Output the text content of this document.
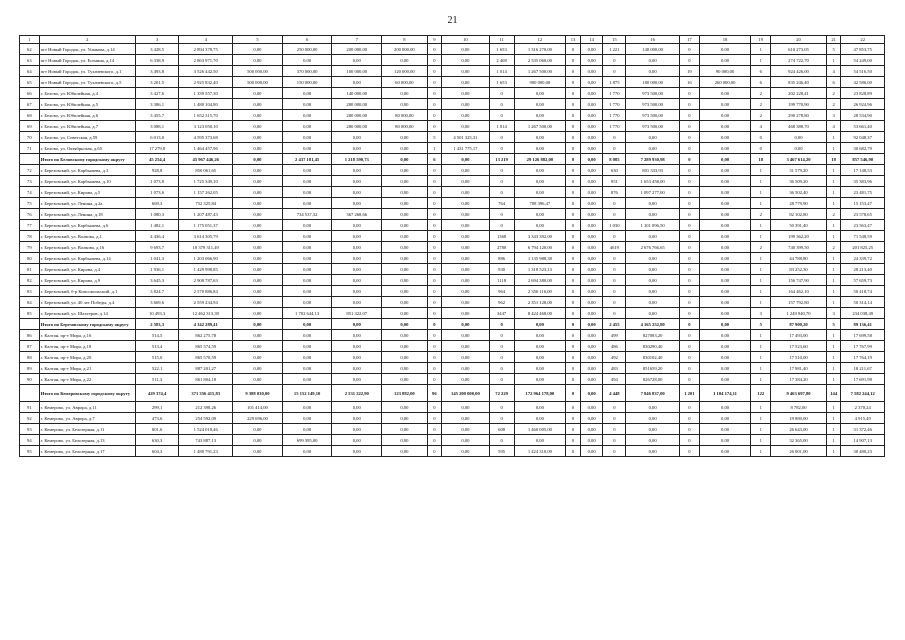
21
1	2	3	4	5	6	7	8	9	10	11	12	13	14	15	16	17	18	19	20	21	22
62	пгт Новый Городок, ул. Ушакова, д.14	3 428,5	2 894 378,75	0,00	250 000,00	200 000,00	200 000,00	0	0,00	1 653	1 316 270,00	0	0,00	1 221	140 000,00	0	0,00	1	610 273,05	5	47 853,75
63	пгт Новый Городок, ул. Есенина, д.14	6 338,9	2 863 971,70	0,00	0,00	0,00	0,00	0	0,00	2 408	2 535 060,00	0	0,00	0	0,00	0	0,00	1	274 722,70	1	54 249,00
64	пгт Новый Городок, ул. Тухачевского, д.1	3 493,8	3 526 442,50	500 000,00	370 000,00	100 000,00	120 000,00	0	0,00	1 014	1 267 500,00	0	0,00	0	0,00	19	90 000,00	6	924 426,00	4	54 516,50
65	пгт Новый Городок, ул. Тухачевского, д.5	3 201,5	2 925 832,40	500 000,00	150 000,00	0,00	60 000,00	0	0,00	1 653	900 000,00	0	0,00	1 875	180 000,00	16	260 000,00	6	835 246,40	6	42 586,00
66	г. Белово, ул. Юбилейная, д.4	3 427,6	1 339 557,30	0,00	0,00	140 000,00	0,00	0	0,00	0	0,00	0	0,00	1 770	973 500,00	0	0,00	2	202 228,41	2	23 828,89
67	г. Белово, ул. Юбилейная, д.5	3 386,1	1 480 104,80	0,00	0,00	280 000,00	0,00	0	0,00	0	0,00	0	0,00	1 770	973 500,00	0	0,00	2	199 770,90	2	26 924,96
68	г. Белово, ул. Юбилейная, д.6	3 455,7	1 652 315,70	0,00	0,00	280 000,00	80 000,00	0	0,00	0	0,00	0	0,00	1 770	973 500,00	0	0,00	2	290 278,80	3	28 534,90
69	г. Белово, ул. Юбилейная, д.7	3 088,1	3 123 050,10	0,00	0,00	280 000,00	80 000,00	0	0,00	1 014	1 267 500,00	0	0,00	1 770	973 500,00	0	0,00	4	468 388,70	4	53 661,40
70	г. Белово, ул. Советская, д.59	6 013,0	4 595 373,68	0,00	0,00	0,00	0,00	5	4 501 325,31	0	0,00	0	0,00	0	0,00	0	0,00	0	0,00	1	92 048,37
71	г. Белово, ул. Октябрьская, д.65	17 279,8	1 464 457,96	0,00	0,00	0,00	0,00	1	1 431 775,17	0	0,00	0	0,00	0	0,00	0	0,00	0	0,00	1	30 682,79
	Итого по Беловскому городскому округу	45 254,4	45 967 446,26	0,00	2 437 181,45	1 218 590,73	0,00	6	0,00	13 219	29 126 882,00	0	0,00	8 085	7 289 930,98	0	0,00	18	3 467 614,20	18	857 546,90
72	г. Березовский, ул. Карбышева, д.3	928,8	850 061,65	0,00	0,00	0,00	0,00	0	0,00	0	0,00	0	0,00	630	801 333,93	0	0,00	1	31 579,20	1	17 148,53
73	г. Березовский, ул. Карбышева, д.10	1 073,8	1 725 349,10	0,00	0,00	0,00	0,00	0	0,00	0	0,00	0	0,00	951	1 653 458,00	0	0,00	1	36 509,20	1	35 383,96
74	г. Березовский, ул. Кирова, д.5	1 073,6	1 157 262,05	0,00	0,00	0,00	0,00	0	0,00	0	0,00	0	0,00	876	1 097 277,00	0	0,00	1	36 502,40	1	23 481,75
75	г. Березовский, ул. Ленина, д.2а	669,3	752 325,84	0,00	0,00	0,00	0,00	0	0,00	764	708 396,47	0	0,00	0	0,00	0	0,00	1	28 779,90	1	15 153,47
76	г. Березовский, ул. Ленина, д.18	1 080,3	1 207 487,43	0,00	734 537,32	367 268,66	0,00	0	0,00	0	0,00	0	0,00	0	0,00	0	0,00	2	82 102,80	2	23 578,65
77	г. Березовский, ул. Карбышева, д.6	1 482,1	1 175 051,37	0,00	0,00	0,00	0,00	0	0,00	0	0,00	0	0,00	1 030	1 101 096,50	0	0,00	1	50 391,40	1	23 563,47
78	г. Березовский, ул. Волкова, д.1	4 436,4	3 614 305,79	0,00	0,00	0,00	0,00	0	0,00	1368	3 343 392,00	0	0,00	0	0,00	0	0,00	1	199 362,20	1	71 548,59
79	г. Березовский, ул. Волкова, д.16	9 693,7	10 379 311,49	0,00	0,00	0,00	0,00	0	0,00	2780	6 794 120,00	0	0,00	4619	2 676 766,65	0	0,00	2	740 399,50	2	201 825,25
80	г. Березовский, ул. Карбышева, д.14	1 041,3	1 203 066,90	0,00	0,00	0,00	0,00	0	0,00	886	1 135 988,38	0	0,00	0	0,00	0	0,00	1	44 788,80	1	24 339,72
81	г. Березовский, ул. Кирова, д.4	1 936,1	1 429 998,85	0,00	0,00	0,00	0,00	0	0,00	930	1 318 523,13	0	0,00	0	0,00	0	0,00	1	83 252,30	1	28 213,40
82	г. Березовский, ул. Кирова, д.9	3 645,3	2 908 787,63	0,00	0,00	0,00	0,00	0	0,00	1118	2 694 380,00	0	0,00	0	0,00	0	0,00	1	156 747,90	1	57 659,73
83	г. Березовский, б-р Комсомольский, д.1	3 824,7	2 570 886,84	0,00	0,00	0,00	0,00	0	0,00	964	2 356 116,00	0	0,00	0	0,00	0	0,00	1	164 462,10	1	50 418,74
84	г. Березовский, ул. 40 лет Победы, д.4	3 669,6	2 559 234,94	0,00	0,00	0,00	0,00	0	0,00	962	2 351 128,00	0	0,00	0	0,00	0	0,00	1	157 792,80	1	50 314,14
85	г. Березовский, ул. Шахтеров, д.14	10 493,3	12 462 313,39	0,00	1 702 644,13	851 322,07	0,00	0	0,00	3447	8 424 468,00	0	0,00	0	0,00	0	0,00	3	1 249 940,70	3	234 038,49
	Итого по Березовскому городскому округу	2 583,3	4 342 289,41	0,00	0,00	0,00	0,00	0	0,00	0	0,00	0	0,00	2 455	4 165 252,80	0	0,00	5	87 900,20	5	89 136,41
86	г. Калтан, пр-т Мира, д.16	514,5	862 275,78	0,00	0,00	0,00	0,00	0	0,00	0	0,00	0	0,00	499	827083,20	0	0,00	1	17 493,00	1	17 699,58
87	г. Калтан, пр-т Мира, д.18	513,4	865 574,59	0,00	0,00	0,00	0,00	0	0,00	0	0,00	0	0,00	486	830290,40	0	0,00	1	17 523,60	1	17 767,99
88	г. Калтан, пр-т Мира, д.20	515,0	865 570,59	0,00	0,00	0,00	0,00	0	0,00	0	0,00	0	0,00	492	830102,40	0	0,00	1	17 510,00	1	17 764,19
89	г. Калтан, пр-т Мира, д.21	522,1	887 201,27	0,00	0,00	0,00	0,00	0	0,00	0	0,00	0	0,00	483	851659,20	0	0,00	1	17 981,40	1	18 211,67
90	г. Калтан, пр-т Мира, д.22	511,3	861 804,18	0,00	0,00	0,00	0,00	0	0,00	0	0,00	0	0,00	494	826728,00	0	0,00	1	17 384,20	1	17 691,98
	Итого по Кемеровскому городскому округу	429 374,4	371 356 415,83	9 388 030,00	15 152 149,10	2 531 222,90	123 882,00	96	145 200 000,00	72 229	172 964 178,00	0	0,00	4 448	7 846 837,00	1 201	1 104 174,11	122	9 463 697,80	144	7 582 244,12
91	г. Кемерово, ул. Аврора, д.11	299,1	212 398,26	101 414,00	0,00	0,00	0,00	0	0,00	0	0,00	0	0,00	0	0,00	0	0,00	1	8 782,00	1	2 370,24
92	г. Кемерово, ул. Аврора, д.7	473,6	254 592,09	229 696,00	0,00	0,00	0,00	0	0,00	0	0,00	0	0,00	0	0,00	0	0,00	1	19 880,00	1	4 915,49
93	г. Кемерово, ул. Белозерная, д.11	601,6	1 524 018,46	0,00	0,00	0,00	0,00	0	0,00	608	1 460 005,00	0	0,00	0	0,00	0	0,00	1	26 643,00	1	31 372,46
94	г. Кемерово, ул. Белозерная, д.13	630,3	743 887,13	0,00	699 395,00	0,00	0,00	0	0,00	0	0,00	0	0,00	0	0,00	0	0,00	1	32 365,00	1	14 907,13
95	г. Кемерово, ул. Белозерная, д.17	604,3	1 480 791,23	0,00	0,00	0,00	0,00	0	0,00	595	1 424 310,00	0	0,00	0	0,00	0	0,00	1	26 001,00	1	30 480,23
